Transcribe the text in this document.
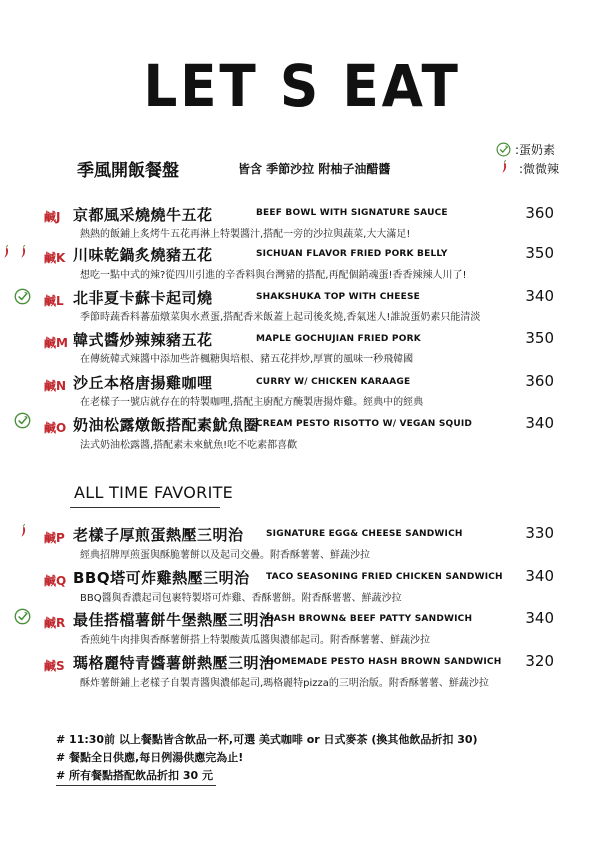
LET S EAT
:蛋奶素
:微微辣
季風開飯餐盤	皆含 季節沙拉 附柚子油醋醬
鹹J 京都風采燒燒牛五花	BEEF BOWL WITH SIGNATURE SAUCE	360
熱熱的飯鋪上炙烤牛五花再淋上特製醬汁,搭配一旁的沙拉與蔬菜,大大滿足!
鹹K 川味乾鍋炙燒豬五花	SICHUAN FLAVOR FRIED PORK BELLY	350
想吃一點中式的辣?從四川引進的辛香料與台灣豬的搭配,再配個銷魂蛋!香香辣辣人川了!
鹹L 北非夏卡蘇卡起司燒	SHAKSHUKA TOP WITH CHEESE	340
季節時蔬香料蕃茄燉菜與水煮蛋,搭配香米飯蓋上起司後炙燒,香氣迷人!誰說蛋奶素只能清淡
鹹M 韓式醬炒辣辣豬五花	MAPLE GOCHUJIAN FRIED PORK	350
在傳統韓式辣醬中添加些許楓糖與培根、豬五花拌炒,厚實的風味一秒飛韓國
鹹N 沙丘本格唐揚雞咖哩	CURRY W/ CHICKEN KARAAGE	360
在老樣子一號店就存在的特製咖哩,搭配主廚配方醃製唐揚炸雞。經典中的經典
鹹O 奶油松露燉飯搭配素魷魚圈
CREAM PESTO RISOTTO W/ VEGAN SQUID	340
法式奶油松露醬,搭配素未來魷魚!吃不吃素都喜歡
ALL TIME FAVORITE
鹹P 老樣子厚煎蛋熱壓三明治 SIGNATURE EGG& CHEESE SANDWICH	330
經典招牌厚煎蛋與酥脆薯餅以及起司交疊。附香酥薯薯、鮮蔬沙拉
鹹Q BBQ塔可炸雞熱壓三明治 TACO SEASONING FRIED CHICKEN SANDWICH	340
BBQ醬與香濃起司包裹特製塔可炸雞、香酥薯餅。附香酥薯薯、鮮蔬沙拉
鹹R 最佳搭檔薯餅牛堡熱壓三明治
HASH BROWN& BEEF PATTY SANDWICH	340
香煎純牛肉排與香酥薯餅搭上特製酸黃瓜醬與濃郁起司。附香酥薯薯、鮮蔬沙拉
鹹S 瑪格麗特青醬薯餅熱壓三明治
HOMEMADE PESTO HASH BROWN SANDWICH	320
酥炸薯餅鋪上老樣子自製青醬與濃郁起司,瑪格麗特pizza的三明治版。附香酥薯薯、鮮蔬沙拉
# 11:30前 以上餐點皆含飲品一杯,可選 美式咖啡 or 日式麥茶 (換其他飲品折扣 30)
# 餐點全日供應,每日例湯供應完為止!
# 所有餐點搭配飲品折扣 30 元
